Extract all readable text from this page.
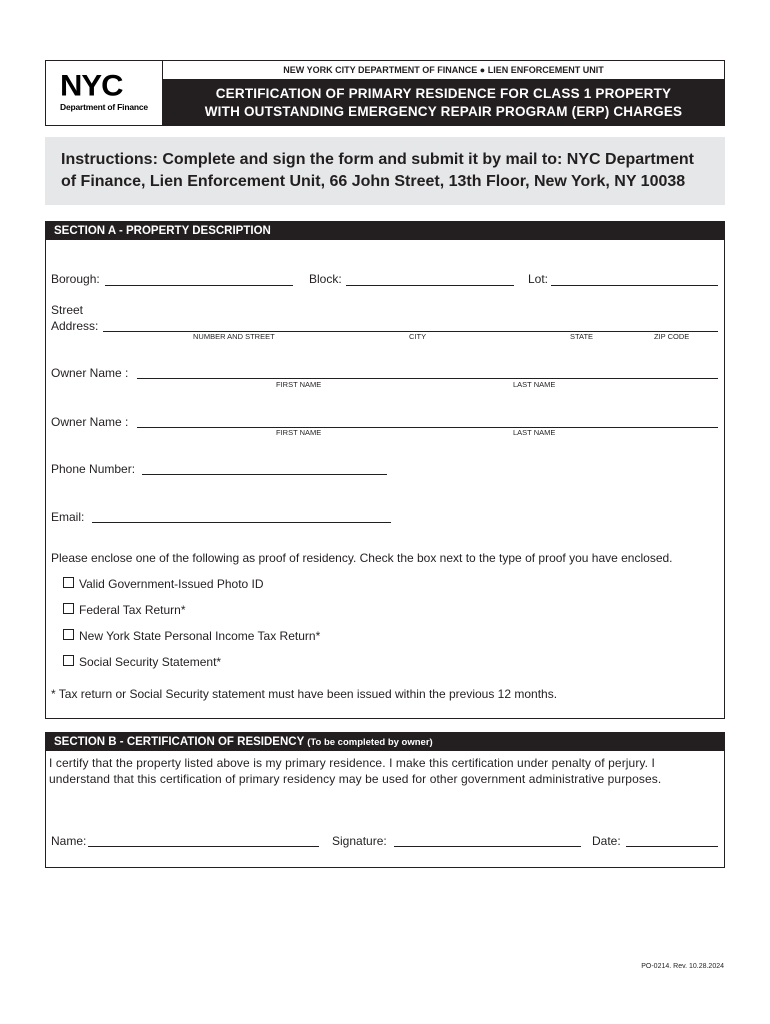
NYC
Department of Finance
NEW YORK CITY DEPARTMENT OF FINANCE ● LIEN ENFORCEMENT UNIT
CERTIFICATION OF PRIMARY RESIDENCE FOR CLASS 1 PROPERTY
WITH OUTSTANDING EMERGENCY REPAIR PROGRAM (ERP) CHARGES
Instructions: Complete and sign the form and submit it by mail to: NYC Department of Finance, Lien Enforcement Unit, 66 John Street, 13th Floor, New York, NY 10038
SECTION A - PROPERTY DESCRIPTION
Borough:	Block:	Lot:
Street
Address:
NUMBER AND STREET	CITY	STATE	ZIP CODE
Owner Name :
FIRST NAME	LAST NAME
Owner Name :
FIRST NAME	LAST NAME
Phone Number:
Email:
Please enclose one of the following as proof of residency. Check the box next to the type of proof you have enclosed.
Valid Government-Issued Photo ID
Federal Tax Return*
New York State Personal Income Tax Return*
Social Security Statement*
* Tax return or Social Security statement must have been issued within the previous 12 months.
SECTION B - CERTIFICATION OF RESIDENCY (To be completed by owner)
I certify that the property listed above is my primary residence. I make this certification under penalty of perjury. I
understand that this certification of primary residency may be used for other government administrative purposes.
Name:	Signature:	Date:
PO-0214. Rev. 10.28.2024
